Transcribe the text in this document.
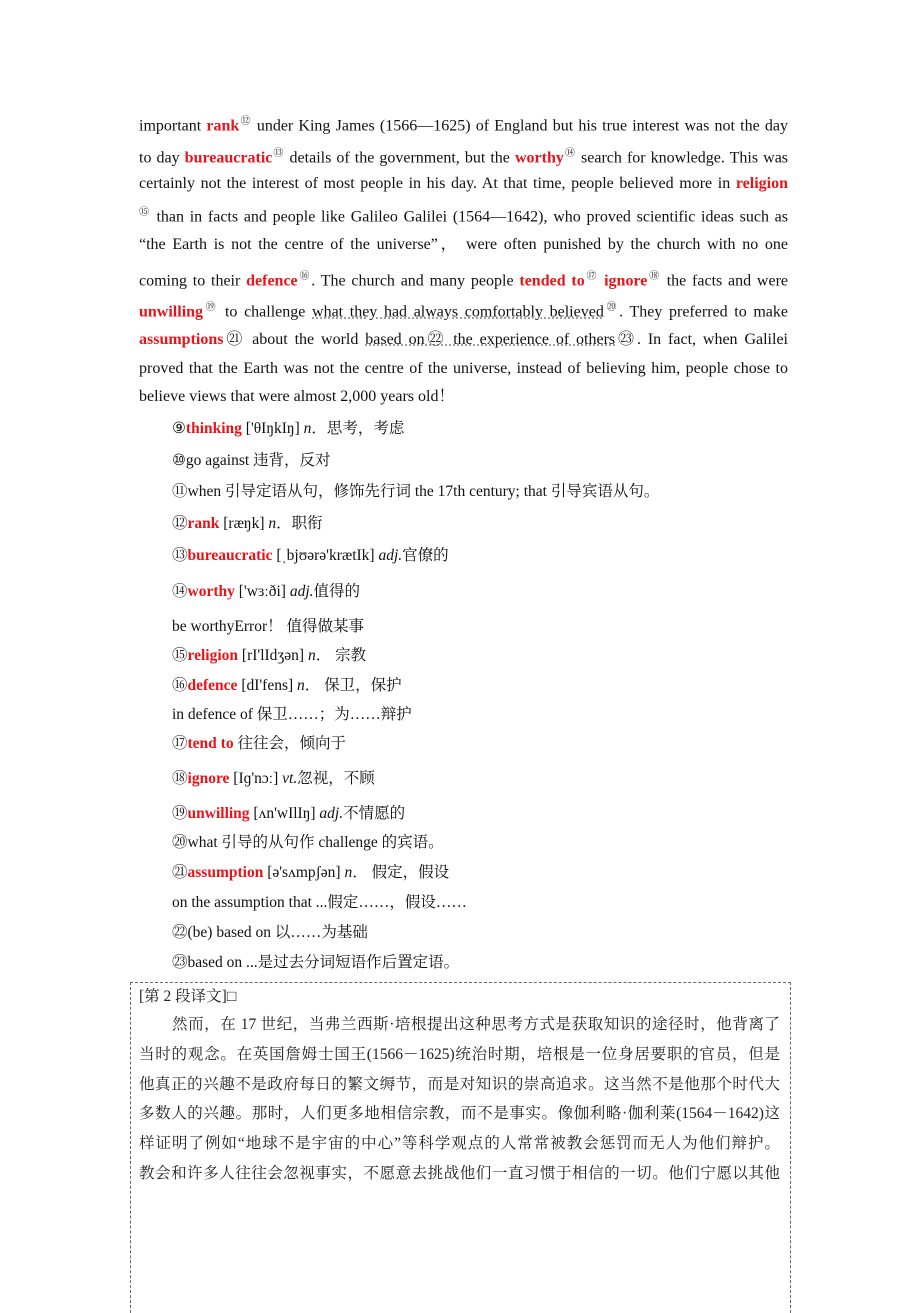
important rank⑫ under King James (1566—1625) of England but his true interest was not the day
to day bureaucratic⑬ details of the government, but the worthy⑭ search for knowledge. This was
certainly not the interest of most people in his day. At that time, people believed more in religion
⑮ than in facts and people like Galileo Galilei (1564—1642), who proved scientific ideas such as
“the Earth is not the centre of the universe”， were often punished by the church with no one
coming to their defence⑯. The church and many people tended to⑰ ignore⑱ the facts and were
unwilling⑲ to challenge what they had always comfortably believed⑳. They preferred to make
assumptions㉑ about the world based on㉒ the experience of others㉓. In fact, when Galilei
proved that the Earth was not the centre of the universe, instead of believing him, people chose to
believe views that were almost 2,000 years old！
⑨thinking ['θIŋkIŋ] n．思考，考虑
⑩go against 违背，反对
⑪when 引导定语从句，修饰先行词 the 17th century; that 引导宾语从句。
⑫rank [ræŋk] n．职衔
⑬bureaucratic [ˌbjʊərə'krætIk] adj.官僚的
⑭worthy ['wɜːði] adj.值得的
be worthyError！ 值得做某事
⑮religion [rI'lIdʒən] n． 宗教
⑯defence [dI'fens] n． 保卫，保护
in defence of 保卫……；为……辩护
⑰tend to 往往会，倾向于
⑱ignore [Iɡ'nɔː] vt.忽视，不顾
⑲unwilling [ʌn'wIlIŋ] adj.不情愿的
⑳what 引导的从句作 challenge 的宾语。
㉑assumption [ə'sʌmpʃən] n． 假定，假设
on the assumption that ...假定……，假设……
㉒(be) based on 以……为基础
㉓based on ...是过去分词短语作后置定语。
[第 2 段译文]□
然而，在 17 世纪，当弗兰西斯·培根提出这种思考方式是获取知识的途径时，他背离了
当时的观念。在英国詹姆士国王(1566－1625)统治时期，培根是一位身居要职的官员，但是
他真正的兴趣不是政府每日的繁文缛节，而是对知识的崇高追求。这当然不是他那个时代大
多数人的兴趣。那时，人们更多地相信宗教，而不是事实。像伽利略·伽利莱(1564－1642)这
样证明了例如“地球不是宇宙的中心”等科学观点的人常常被教会惩罚而无人为他们辩护。
教会和许多人往往会忽视事实，不愿意去挑战他们一直习惯于相信的一切。他们宁愿以其他
